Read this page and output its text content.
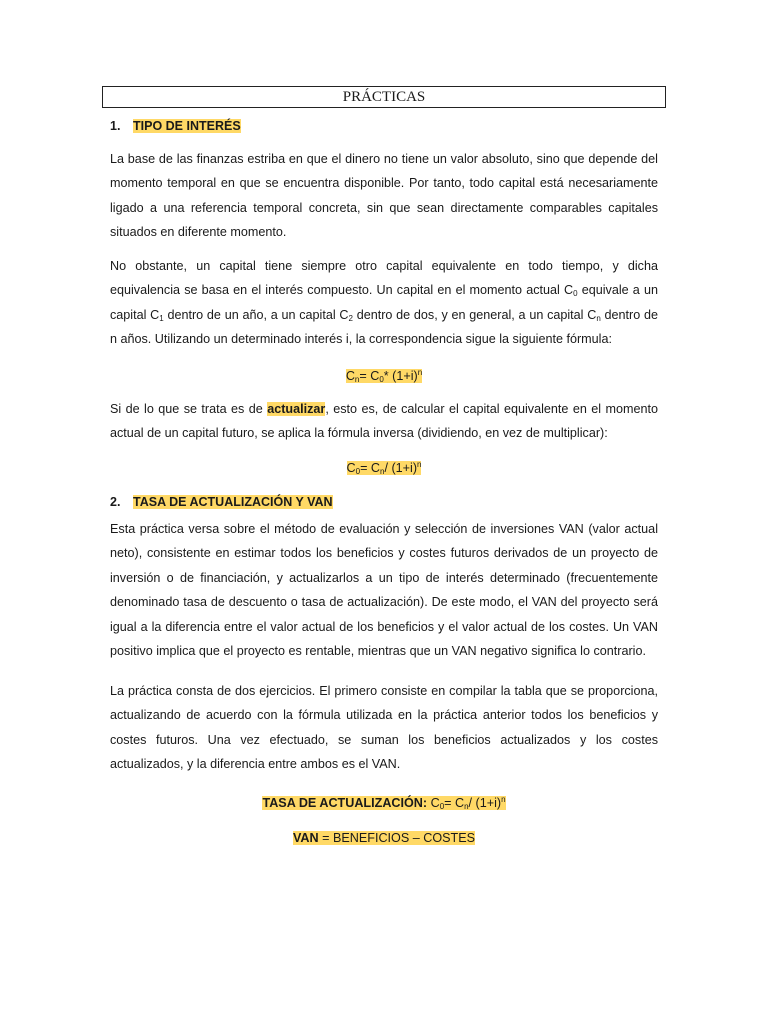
PRÁCTICAS
1. TIPO DE INTERÉS
La base de las finanzas estriba en que el dinero no tiene un valor absoluto, sino que depende del momento temporal en que se encuentra disponible. Por tanto, todo capital está necesariamente ligado a una referencia temporal concreta, sin que sean directamente comparables capitales situados en diferente momento.
No obstante, un capital tiene siempre otro capital equivalente en todo tiempo, y dicha equivalencia se basa en el interés compuesto. Un capital en el momento actual $C_0$ equivale a un capital $C_1$ dentro de un año, a un capital $C_2$ dentro de dos, y en general, a un capital $C_n$ dentro de n años. Utilizando un determinado interés i, la correspondencia sigue la siguiente fórmula:
$C_n= C_0*$ $(1+i)^n$
Si de lo que se trata es de actualizar, esto es, de calcular el capital equivalente en el momento actual de un capital futuro, se aplica la fórmula inversa (dividiendo, en vez de multiplicar):
$C_0= C_n/$ $(1+i)^n$
2. TASA DE ACTUALIZACIÓN Y VAN
Esta práctica versa sobre el método de evaluación y selección de inversiones VAN (valor actual neto), consistente en estimar todos los beneficios y costes futuros derivados de un proyecto de inversión o de financiación, y actualizarlos a un tipo de interés determinado (frecuentemente denominado tasa de descuento o tasa de actualización). De este modo, el VAN del proyecto será igual a la diferencia entre el valor actual de los beneficios y el valor actual de los costes. Un VAN positivo implica que el proyecto es rentable, mientras que un VAN negativo significa lo contrario.
La práctica consta de dos ejercicios. El primero consiste en compilar la tabla que se proporciona, actualizando de acuerdo con la fórmula utilizada en la práctica anterior todos los beneficios y costes futuros. Una vez efectuado, se suman los beneficios actualizados y los costes actualizados, y la diferencia entre ambos es el VAN.
TASA DE ACTUALIZACIÓN: $C_0= C_n/$ $(1+i)^n$
VAN = BENEFICIOS – COSTES
